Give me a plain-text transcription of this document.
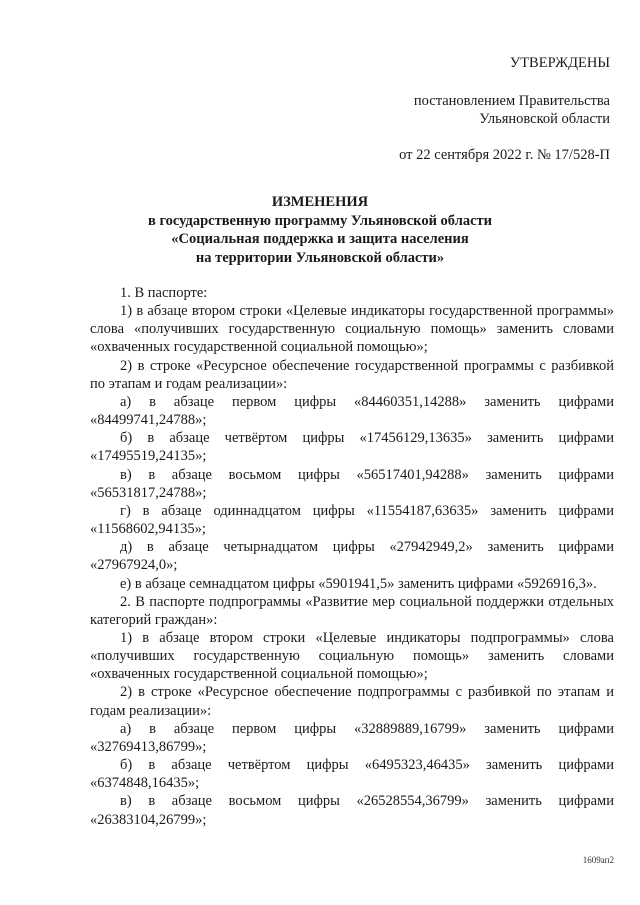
УТВЕРЖДЕНЫ
постановлением Правительства
Ульяновской области
от 22 сентября 2022 г. № 17/528-П
ИЗМЕНЕНИЯ
в государственную программу Ульяновской области
«Социальная поддержка и защита населения
на территории Ульяновской области»

1. В паспорте:

1) в абзаце втором строки «Целевые индикаторы государственной программы» слова «получивших государственную социальную помощь» заменить словами «охваченных государственной социальной помощью»;

2) в строке «Ресурсное обеспечение государственной программы с разбивкой по этапам и годам реализации»:

а) в абзаце первом цифры «84460351,14288» заменить цифрами «84499741,24788»;

б) в абзаце четвёртом цифры «17456129,13635» заменить цифрами «17495519,24135»;

в) в абзаце восьмом цифры «56517401,94288» заменить цифрами «56531817,24788»;

г) в абзаце одиннадцатом цифры «11554187,63635» заменить цифрами «11568602,94135»;

д) в абзаце четырнадцатом цифры «27942949,2» заменить цифрами «27967924,0»;

е) в абзаце семнадцатом цифры «5901941,5» заменить цифрами «5926916,3».

2. В паспорте подпрограммы «Развитие мер социальной поддержки отдельных категорий граждан»:

1) в абзаце втором строки «Целевые индикаторы подпрограммы» слова «получивших государственную социальную помощь» заменить словами «охваченных государственной социальной помощью»;

2) в строке «Ресурсное обеспечение подпрограммы с разбивкой по этапам и годам реализации»:

а) в абзаце первом цифры «32889889,16799» заменить цифрами «32769413,86799»;

б) в абзаце четвёртом цифры «6495323,46435» заменить цифрами «6374848,16435»;

в) в абзаце восьмом цифры «26528554,36799» заменить цифрами «26383104,26799»;

1609ап2
